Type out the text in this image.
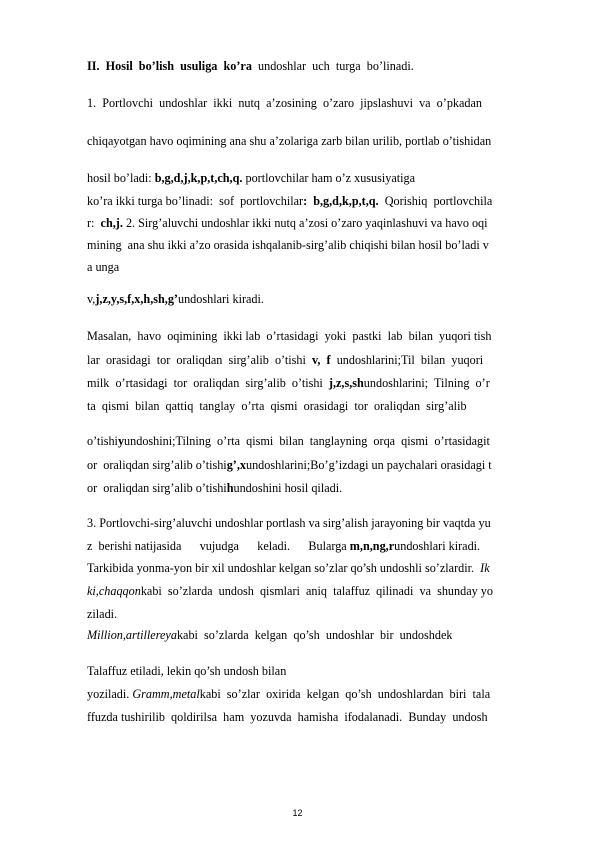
II.  Hosil  bo’lish  usuliga  ko’ra  undoshlar  uch  turga  bo’linadi.
1.  Portlovchi  undoshlar  ikki  nutq  a’zosining  o’zaro  jipslashuvi  va  o’pkadan
chiqayotgan havo oqimining ana shu a’zolariga zarb bilan urilib, portlab o’tishidan
hosil bo’ladi: b,g,d,j,k,p,t,ch,q. portlovchilar ham o’z xususiyatiga
ko’ra ikki turga bo’linadi:  sof  portlovchilar:  b,g,d,k,p,t,q.  Qorishiq  portlovchila
r:  ch,j. 2. Sirg’aluvchi undoshlar ikki nutq a’zosi o’zaro yaqinlashuvi va havo oqi
mining  ana shu ikki a’zo orasida ishqalanib-sirg’alib chiqishi bilan hosil bo’ladi v
a unga
v,j,z,y,s,f,x,h,sh,g’undoshlari kiradi.
Masalan,  havo  oqimining  ikki lab  o’rtasidagi  yoki  pastki  lab  bilan  yuqori tish
lar  orasidagi  tor  oraliqdan  sirg’alib  o’tishi  v,  f  undoshlarini;Til  bilan  yuqori
milk  o’rtasidagi  tor  oraliqdan  sirg’alib  o’tishi  j,z,s,shundoshlarini;  Tilning  o’r
ta  qismi  bilan  qattiq  tanglay  o’rta  qismi  orasidagi  tor  oraliqdan  sirg’alib
o’tishiyundoshini;Tilning  o’rta  qismi  bilan  tanglayning  orqa  qismi  o’rtasidagit
or  oraliqdan sirg’alib o’tishig’,xundoshlarini;Bo’g’izdagi un paychalari orasidagi t
or  oraliqdan sirg’alib o’tishihundoshini hosil qiladi.
3. Portlovchi-sirg’aluvchi undoshlar portlash va sirg’alish jarayoning bir vaqtda yu
z  berishi natijasida      vujudga      keladi.      Bularga m,n,ng,rundoshlari kiradi.
Tarkibida yonma-yon bir xil undoshlar kelgan so’zlar qo’sh undoshli so’zlardir.  Ik
ki,chaqqonkabi  so’zlarda  undosh  qismlari  aniq  talaffuz  qilinadi  va  shunday yo
ziladi.
Million,artillereyakabi  so’zlarda  kelgan  qo’sh  undoshlar  bir  undoshdek
Talaffuz etiladi, lekin qo’sh undosh bilan
yoziladi. Gramm,metalkabi  so’zlar  oxirida  kelgan  qo’sh  undoshlardan  biri  tala
ffuzda tushirilib  qoldirilsa  ham  yozuvda  hamisha  ifodalanadi.  Bunday  undosh
12
